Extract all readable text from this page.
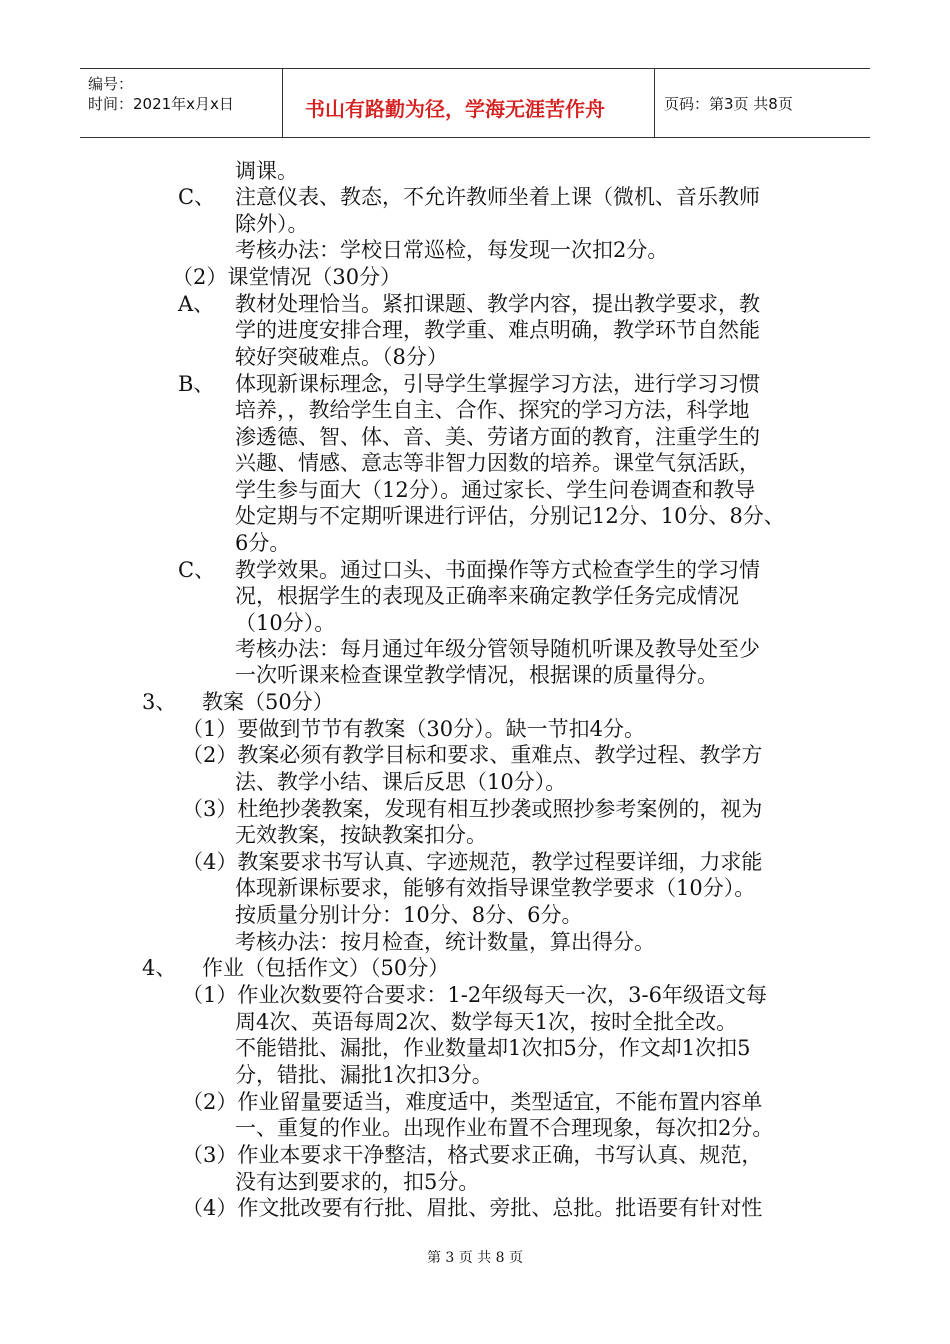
编号：
时间：2021年x月x日	书山有路勤为径，学海无涯苦作舟	页码：第3页 共8页
调课。
C、 注意仪表、教态，不允许教师坐着上课（微机、音乐教师
除外）。
考核办法：学校日常巡检，每发现一次扣2分。
（2）课堂情况（30分）
A、 教材处理恰当。紧扣课题、教学内容，提出教学要求，教
学的进度安排合理，教学重、难点明确，教学环节自然能
较好突破难点。（8分）
B、 体现新课标理念，引导学生掌握学习方法，进行学习习惯
培养，，教给学生自主、合作、探究的学习方法，科学地
渗透德、智、体、音、美、劳诸方面的教育，注重学生的
兴趣、情感、意志等非智力因数的培养。课堂气氛活跃，
学生参与面大（12分）。通过家长、学生问卷调查和教导
处定期与不定期听课进行评估，分别记12分、10分、8分、
6分。
C、 教学效果。通过口头、书面操作等方式检查学生的学习情
况，根据学生的表现及正确率来确定教学任务完成情况
（10分）。
考核办法：每月通过年级分管领导随机听课及教导处至少
一次听课来检查课堂教学情况，根据课的质量得分。
3、 教案（50分）
（1）要做到节节有教案（30分）。缺一节扣4分。
（2）教案必须有教学目标和要求、重难点、教学过程、教学方
法、教学小结、课后反思（10分）。
（3）杜绝抄袭教案，发现有相互抄袭或照抄参考案例的，视为
无效教案，按缺教案扣分。
（4）教案要求书写认真、字迹规范，教学过程要详细，力求能
体现新课标要求，能够有效指导课堂教学要求（10分）。
按质量分别计分：10分、8分、6分。
考核办法：按月检查，统计数量，算出得分。
4、 作业（包括作文）（50分）
（1）作业次数要符合要求：1-2年级每天一次，3-6年级语文每
周4次、英语每周2次、数学每天1次，按时全批全改。
不能错批、漏批，作业数量却1次扣5分，作文却1次扣5
分，错批、漏批1次扣3分。
（2）作业留量要适当，难度适中，类型适宜，不能布置内容单
一、重复的作业。出现作业布置不合理现象，每次扣2分。
（3）作业本要求干净整洁，格式要求正确，书写认真、规范，
没有达到要求的，扣5分。
（4）作文批改要有行批、眉批、旁批、总批。批语要有针对性
第 3 页 共 8 页
